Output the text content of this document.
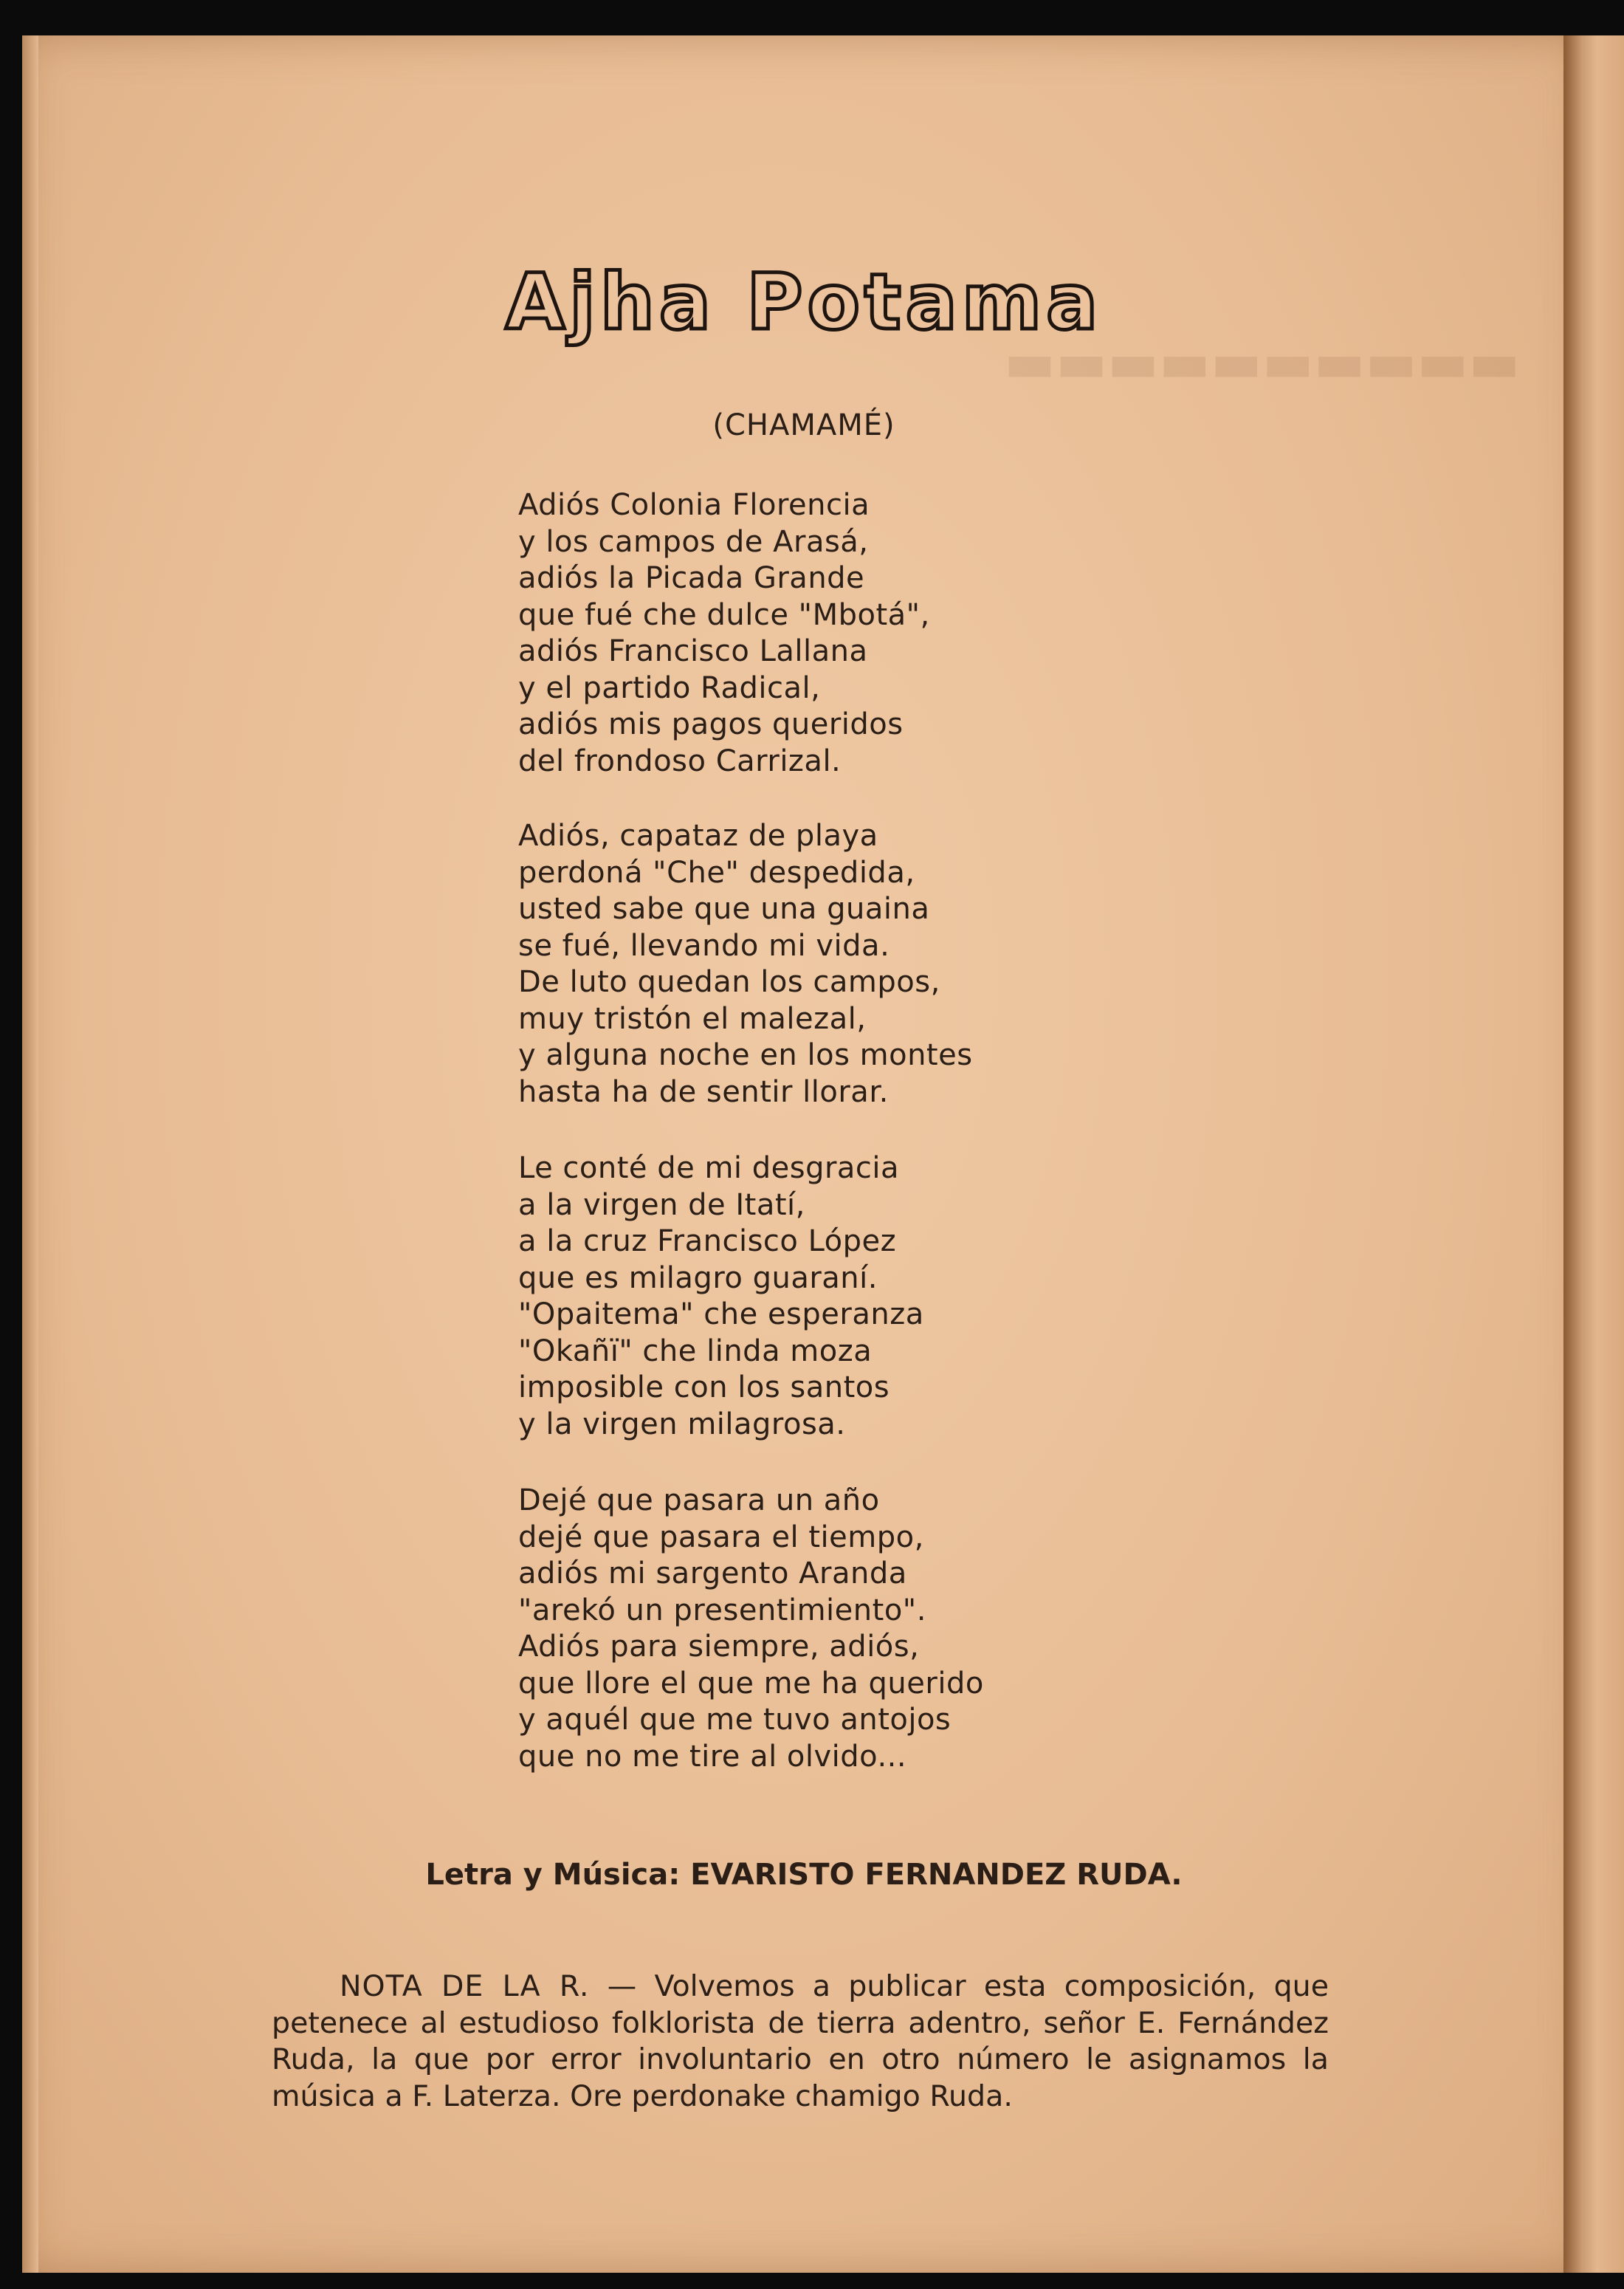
▬▬▬▬▬▬▬▬▬▬
Ajha Potama
(CHAMAMÉ)
Adiós Colonia Florencia
y los campos de Arasá,
adiós la Picada Grande
que fué che dulce "Mbotá",
adiós Francisco Lallana
y el partido Radical,
adiós mis pagos queridos
del frondoso Carrizal.
Adiós, capataz de playa
perdoná "Che" despedida,
usted sabe que una guaina
se fué, llevando mi vida.
De luto quedan los campos,
muy tristón el malezal,
y alguna noche en los montes
hasta ha de sentir llorar.
Le conté de mi desgracia
a la virgen de Itatí,
a la cruz Francisco López
que es milagro guaraní.
"Opaitema" che esperanza
"Okañï" che linda moza
imposible con los santos
y la virgen milagrosa.
Dejé que pasara un año
dejé que pasara el tiempo,
adiós mi sargento Aranda
"arekó un presentimiento".
Adiós para siempre, adiós,
que llore el que me ha querido
y aquél que me tuvo antojos
que no me tire al olvido...
Letra y Música: EVARISTO FERNANDEZ RUDA.

NOTA DE LA R. — Volvemos a publicar esta composición, que petenece al estudioso folklorista de tierra adentro, señor E. Fernández Ruda, la que por error involuntario en otro número le asignamos la música a F. Laterza. Ore perdonake chamigo Ruda.
